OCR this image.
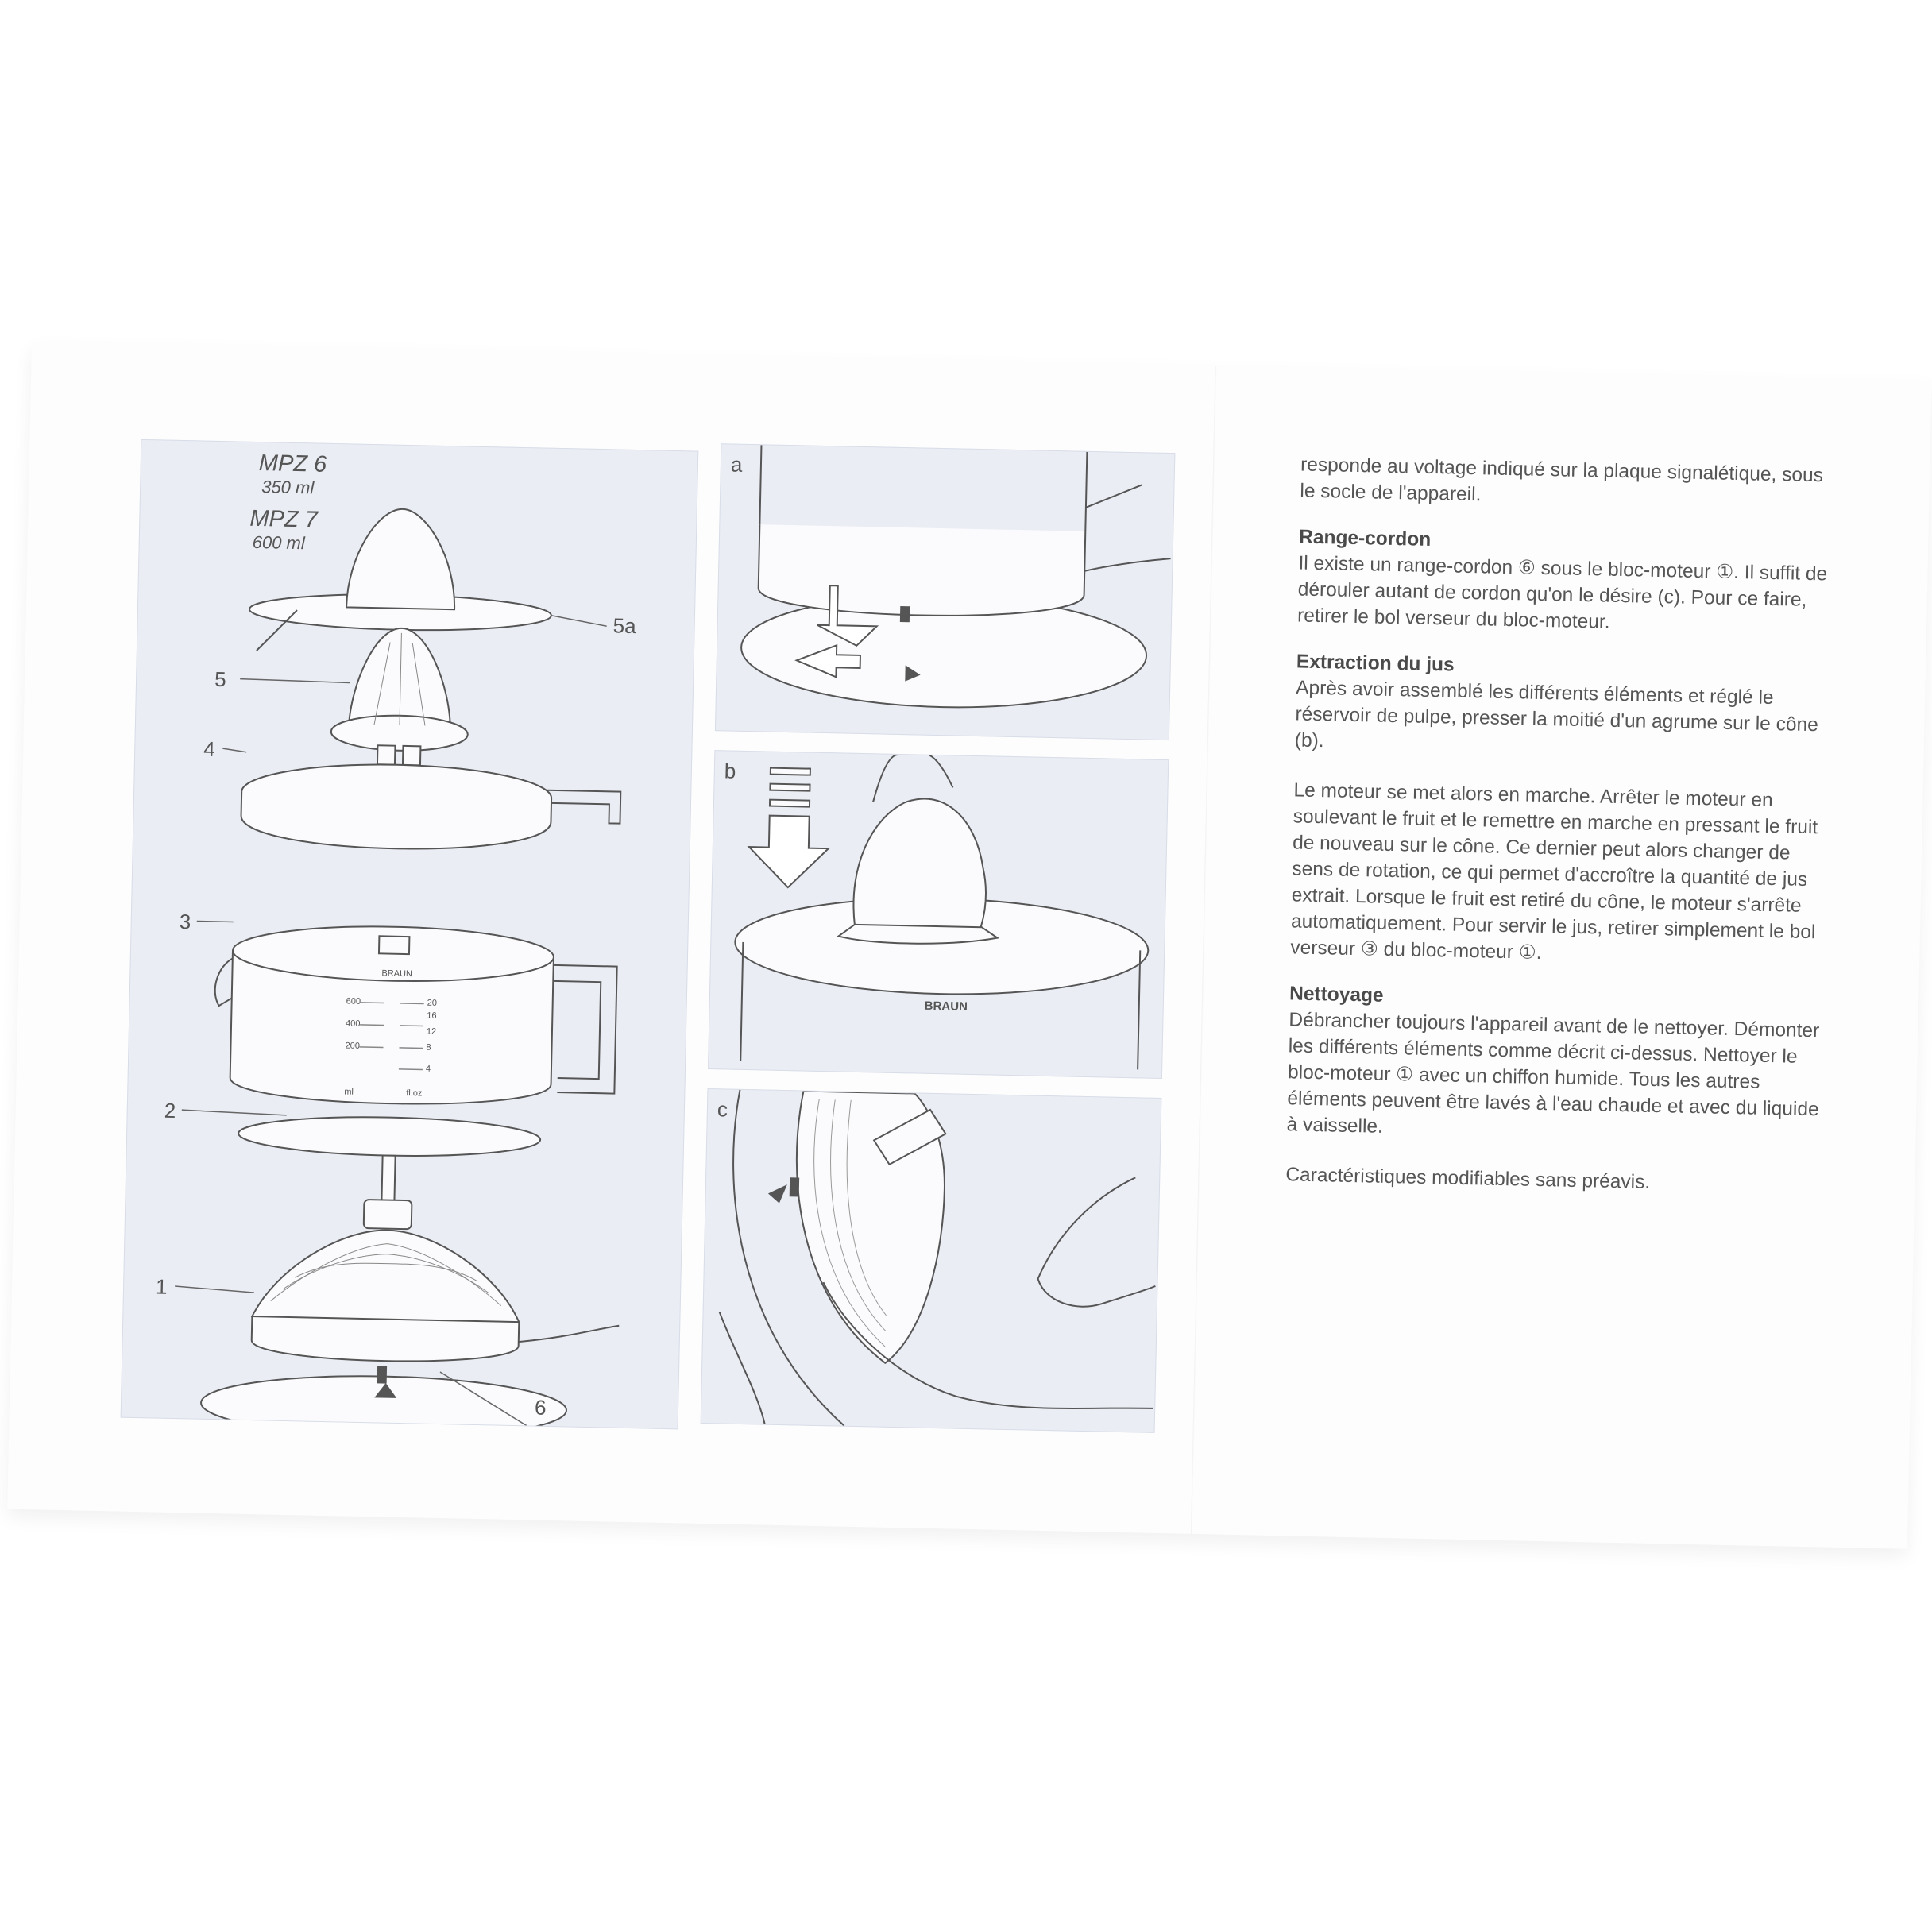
BRAUN
600
400
200
ml
20
16
12
8
4
fl.oz
MPZ 6
350 ml
MPZ 7
600 ml
5a
5
4
3
2
1
6
a
BRAUN
b
c

responde au voltage indiqué sur la plaque signalétique, sous le socle de l'appareil.

Range-cordon

Il existe un range-cordon ⑥ sous le bloc-moteur ①. Il suffit de dérouler autant de cordon qu'on le désire (c). Pour ce faire, retirer le bol verseur du bloc-moteur.

Extraction du jus

Après avoir assemblé les différents éléments et réglé le réservoir de pulpe, presser la moitié d'un agrume sur le cône (b).

Le moteur se met alors en marche. Arrêter le moteur en soulevant le fruit et le remettre en marche en pressant le fruit de nouveau sur le cône. Ce dernier peut alors changer de sens de rotation, ce qui permet d'accroître la quantité de jus extrait. Lorsque le fruit est retiré du cône, le moteur s'arrête automatiquement. Pour servir le jus, retirer simplement le bol verseur ③ du bloc-moteur ①.

Nettoyage

Débrancher toujours l'appareil avant de le nettoyer. Démonter les différents éléments comme décrit ci-dessus. Nettoyer le bloc-moteur ① avec un chiffon humide. Tous les autres éléments peuvent être lavés à l'eau chaude et avec du liquide à vaisselle.

Caractéristiques modifiables sans préavis.
